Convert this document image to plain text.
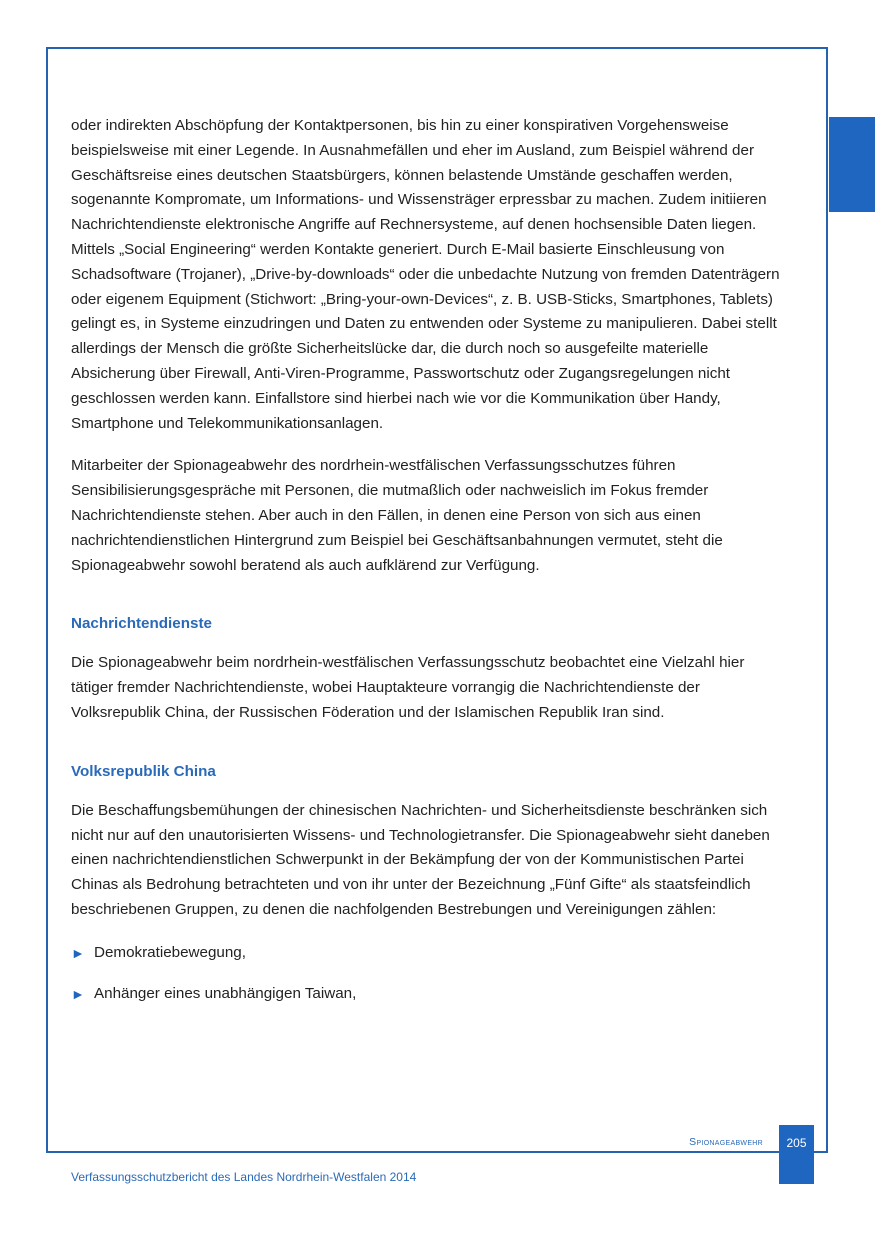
oder indirekten Abschöpfung der Kontaktpersonen, bis hin zu einer konspirativen Vorgehensweise beispielsweise mit einer Legende. In Ausnahmefällen und eher im Ausland, zum Beispiel während der Geschäftsreise eines deutschen Staatsbürgers, können belastende Umstände geschaffen werden, sogenannte Kompromate, um Informations- und Wissensträger erpressbar zu machen. Zudem initiieren Nachrichtendienste elektronische Angriffe auf Rechnersysteme, auf denen hochsensible Daten liegen. Mittels „Social Engineering“ werden Kontakte generiert. Durch E-Mail basierte Einschleusung von Schadsoftware (Trojaner), „Drive-by-downloads“ oder die unbedachte Nutzung von fremden Datenträgern oder eigenem Equipment (Stichwort: „Bring-your-own-Devices“, z. B. USB-Sticks, Smartphones, Tablets) gelingt es, in Systeme einzudringen und Daten zu entwenden oder Systeme zu manipulieren. Dabei stellt allerdings der Mensch die größte Sicherheitslücke dar, die durch noch so ausgefeilte materielle Absicherung über Firewall, Anti-Viren-Programme, Passwortschutz oder Zugangsregelungen nicht geschlossen werden kann. Einfallstore sind hierbei nach wie vor die Kommunikation über Handy, Smartphone und Telekommunikationsanlagen.

Mitarbeiter der Spionageabwehr des nordrhein-westfälischen Verfassungsschutzes führen Sensibilisierungsgespräche mit Personen, die mutmaßlich oder nachweislich im Fokus fremder Nachrichtendienste stehen. Aber auch in den Fällen, in denen eine Person von sich aus einen nachrichtendienstlichen Hintergrund zum Beispiel bei Geschäftsanbahnungen vermutet, steht die Spionageabwehr sowohl beratend als auch aufklärend zur Verfügung.

Nachrichtendienste

Die Spionageabwehr beim nordrhein-westfälischen Verfassungsschutz beobachtet eine Vielzahl hier tätiger fremder Nachrichtendienste, wobei Hauptakteure vorrangig die Nachrichtendienste der Volksrepublik China, der Russischen Föderation und der Islamischen Republik Iran sind.

Volksrepublik China

Die Beschaffungsbemühungen der chinesischen Nachrichten- und Sicherheitsdienste beschränken sich nicht nur auf den unautorisierten Wissens- und Technologietransfer. Die Spionageabwehr sieht daneben einen nachrichtendienstlichen Schwerpunkt in der Bekämpfung der von der Kommunistischen Partei Chinas als Bedrohung betrachteten und von ihr unter der Bezeichnung „Fünf Gifte“ als staatsfeindlich beschriebenen Gruppen, zu denen die nachfolgenden Bestrebungen und Vereinigungen zählen:

► Demokratiebewegung,
► Anhänger eines unabhängigen Taiwan,
Spionageabwehr	205
Verfassungsschutzbericht des Landes Nordrhein-Westfalen 2014
